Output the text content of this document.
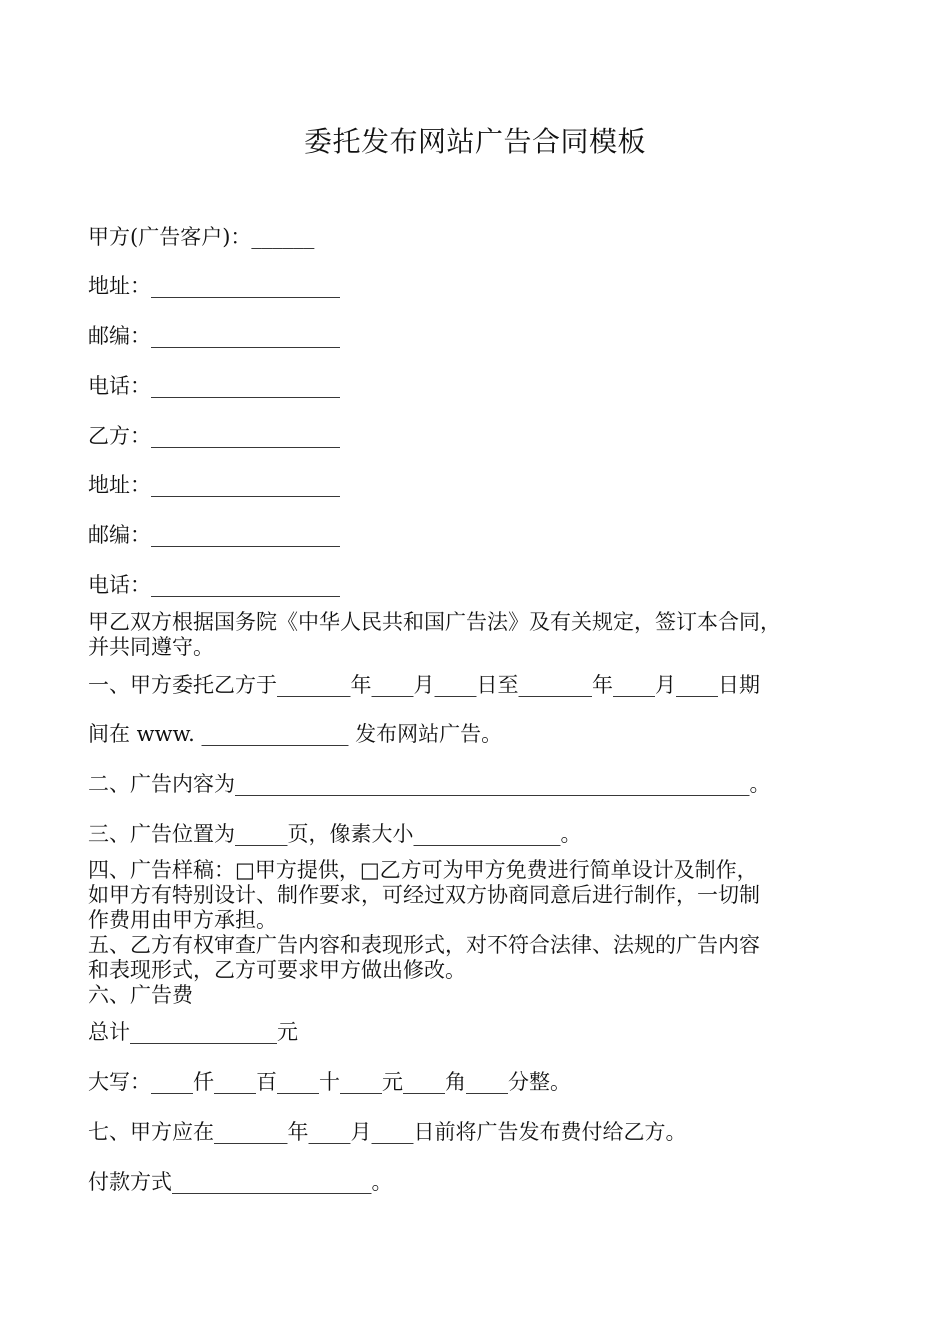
委托发布网站广告合同模板
甲方(广告客户)：______
地址：__________________
邮编：__________________
电话：__________________
乙方：__________________
地址：__________________
邮编：__________________
电话：__________________
甲乙双方根据国务院《中华人民共和国广告法》及有关规定，签订本合同，
并共同遵守。
一、甲方委托乙方于_______年____月____日至_______年____月____日期
间在 www. ______________ 发布网站广告。
二、广告内容为_________________________________________________。
三、广告位置为_____页，像素大小______________。
四、广告样稿：□甲方提供，□乙方可为甲方免费进行简单设计及制作，
如甲方有特别设计、制作要求，可经过双方协商同意后进行制作，一切制
作费用由甲方承担。
五、乙方有权审查广告内容和表现形式，对不符合法律、法规的广告内容
和表现形式，乙方可要求甲方做出修改。
六、广告费
总计______________元
大写：____仟____百____十____元____角____分整。
七、甲方应在_______年____月____日前将广告发布费付给乙方。
付款方式___________________。
